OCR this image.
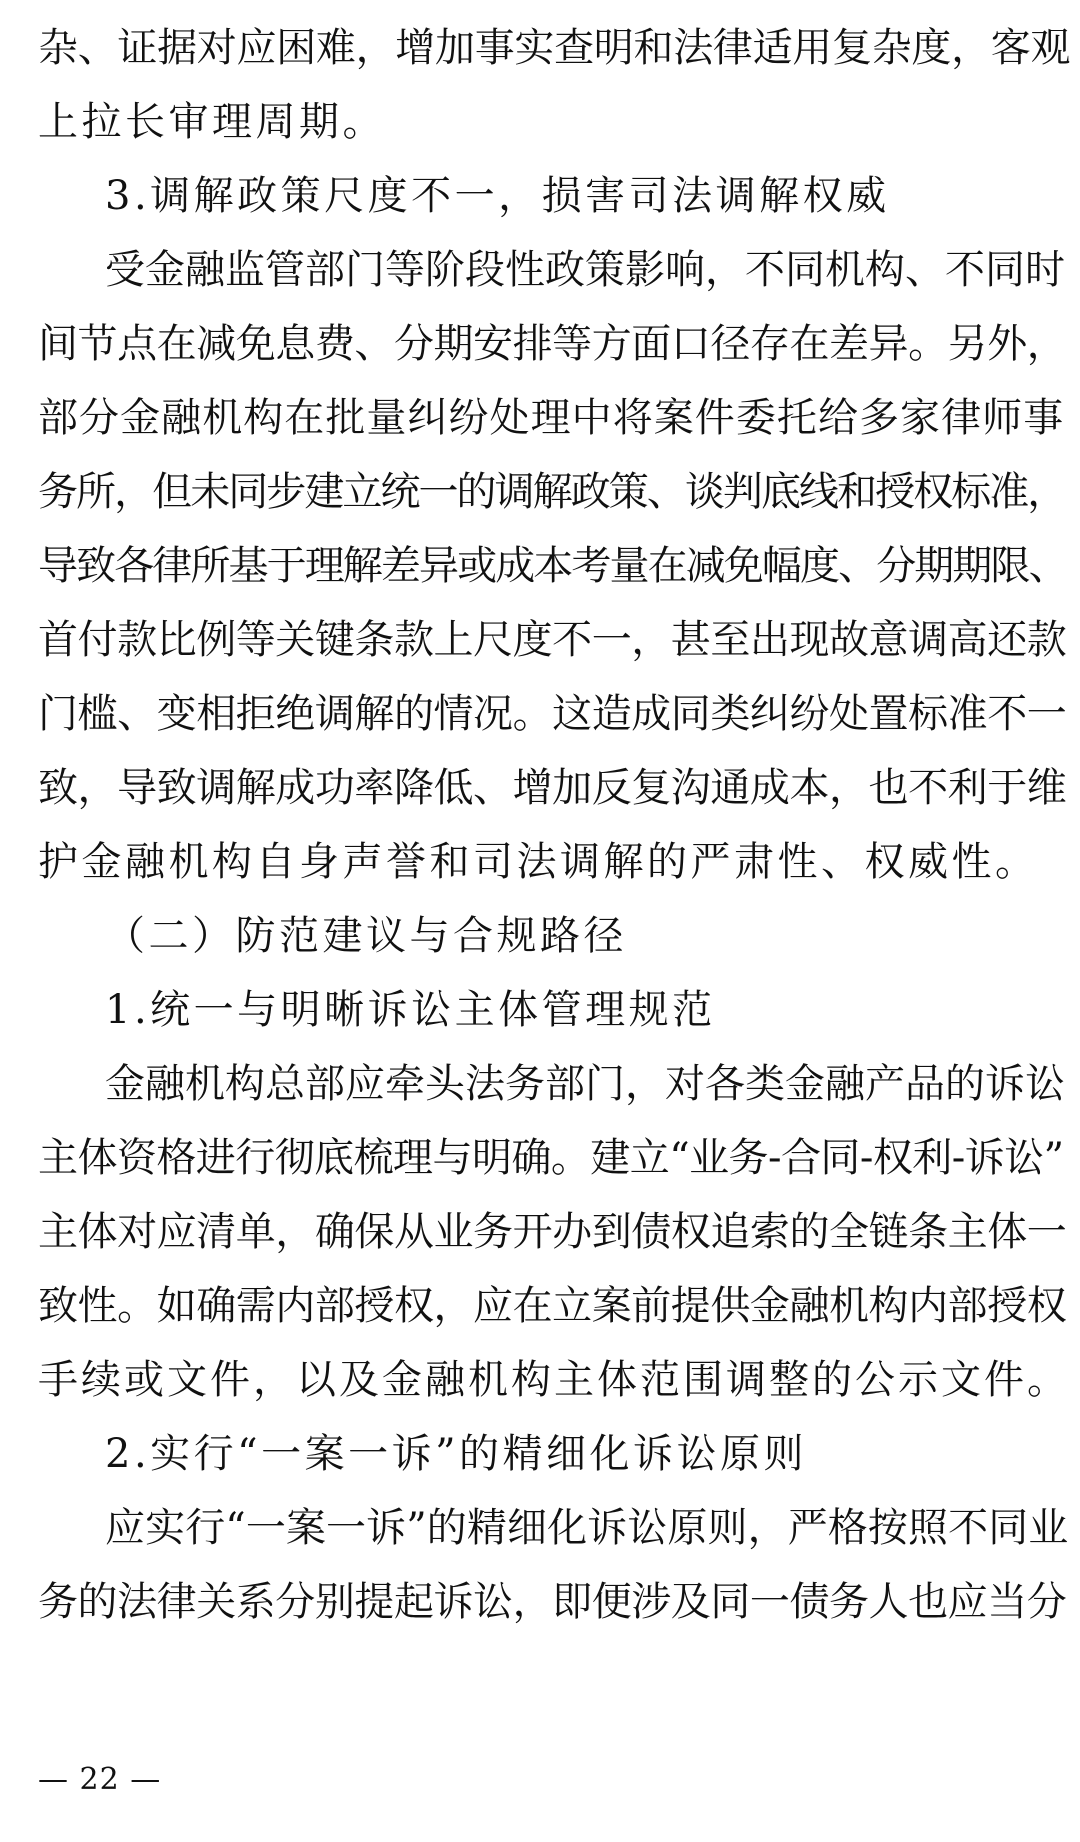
杂、证据对应困难，增加事实查明和法律适用复杂度，客观
上拉长审理周期。
3.调解政策尺度不一，损害司法调解权威
受金融监管部门等阶段性政策影响，不同机构、不同时
间节点在减免息费、分期安排等方面口径存在差异。另外，
部分金融机构在批量纠纷处理中将案件委托给多家律师事
务所，但未同步建立统一的调解政策、谈判底线和授权标准，
导致各律所基于理解差异或成本考量在减免幅度、分期期限、
首付款比例等关键条款上尺度不一，甚至出现故意调高还款
门槛、变相拒绝调解的情况。这造成同类纠纷处置标准不一
致，导致调解成功率降低、增加反复沟通成本，也不利于维
护金融机构自身声誉和司法调解的严肃性、权威性。
（二）防范建议与合规路径
1.统一与明晰诉讼主体管理规范
金融机构总部应牵头法务部门，对各类金融产品的诉讼
主体资格进行彻底梳理与明确。建立“业务-合同-权利-诉讼”
主体对应清单，确保从业务开办到债权追索的全链条主体一
致性。如确需内部授权，应在立案前提供金融机构内部授权
手续或文件，以及金融机构主体范围调整的公示文件。
2.实行“一案一诉”的精细化诉讼原则
应实行“一案一诉”的精细化诉讼原则，严格按照不同业
务的法律关系分别提起诉讼，即便涉及同一债务人也应当分
— 22 —
